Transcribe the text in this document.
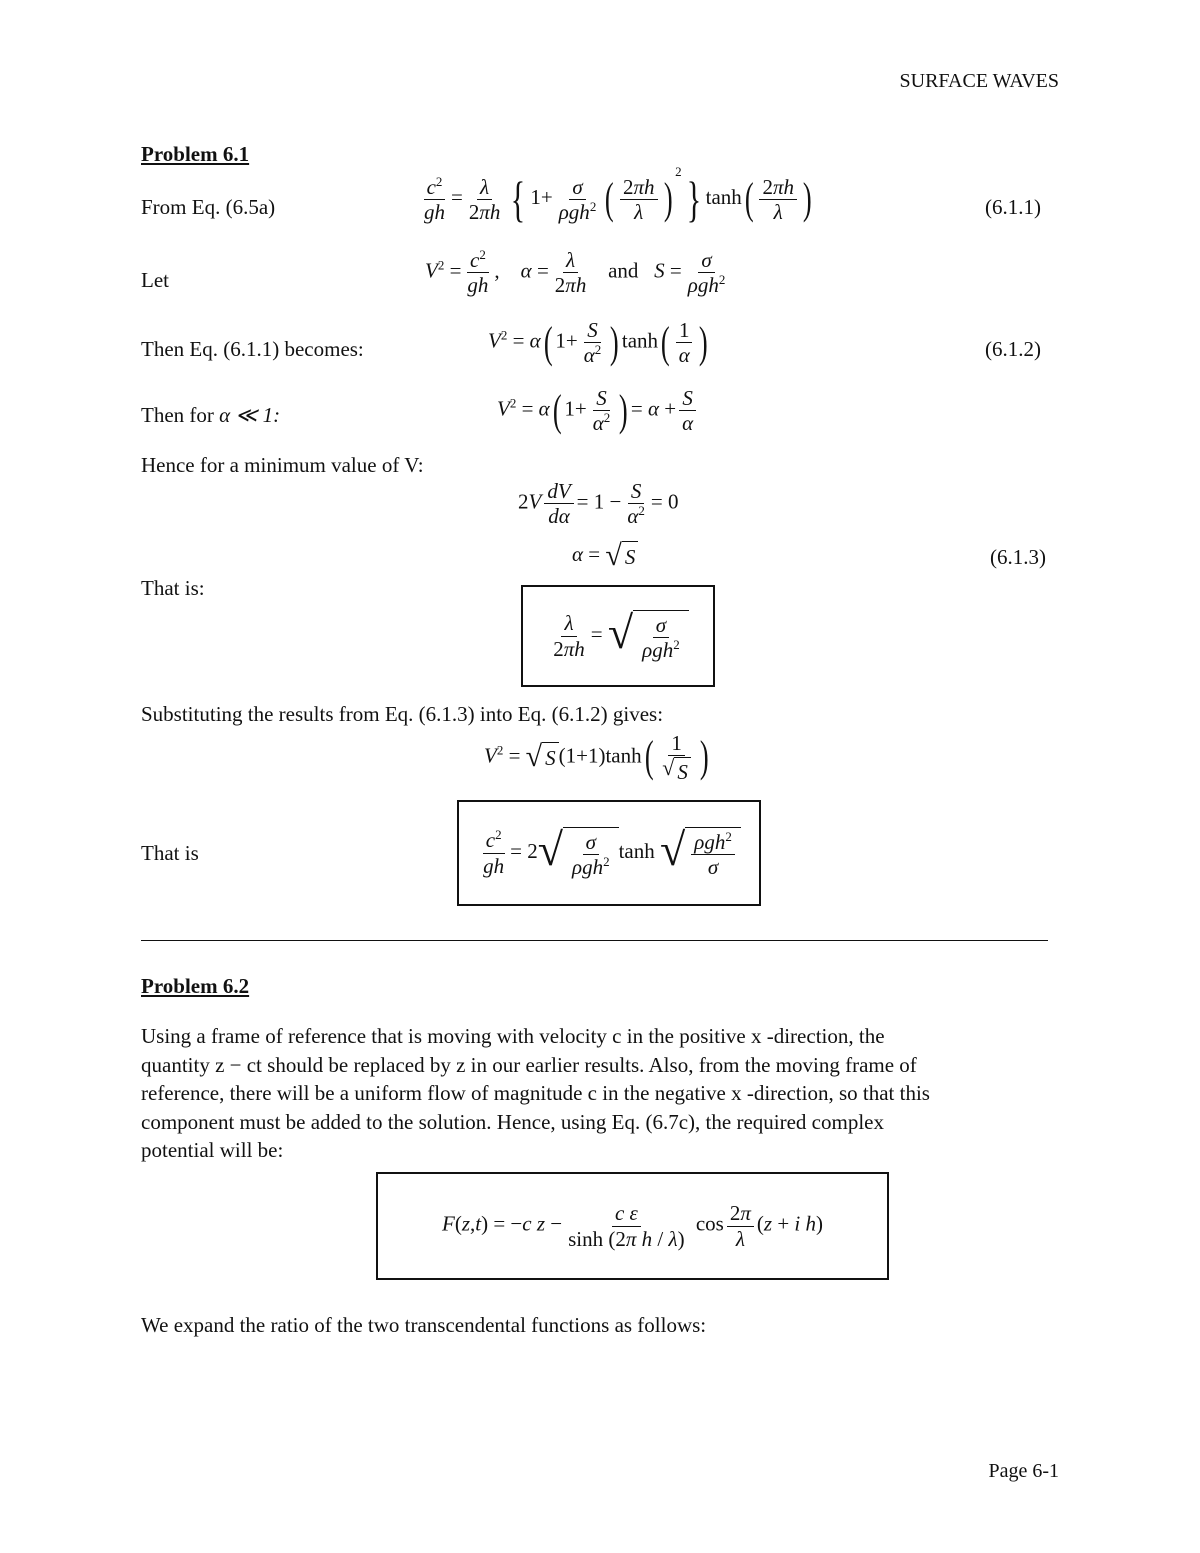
SURFACE WAVES
Problem 6.1
From Eq. (6.5a)	$\frac{c^2}{gh} = \frac{\lambda}{2\pi h}$ { $1+ \frac{\sigma}{\rho gh^2}$ ( $\frac{2\pi h}{\lambda} )^2$} $\tanh( \frac{2\pi h}{\lambda}$ )	(6.1.1)
Let	$V^2 = \frac{c^2}{gh}$ ,    $\alpha = \frac{\lambda}{2\pi h}$ and   $S = \frac{\sigma}{\rho gh^2}$
Then Eq. (6.1.1) becomes:	$V^2 = \alpha$( $1+ \frac{S}{\alpha^2}$ ) $\tanh( \frac{1}{\alpha}$ )	(6.1.2)
Then for α ≪ 1:	$V^2 = \alpha$( $1+ \frac{S}{\alpha^2}$ ) = $\alpha + \frac{S}{\alpha}$
Hence for a minimum value of V:
$2V \frac{dV}{d\alpha} = 1 - \frac{S}{\alpha^2} = 0$
α = √ S	(6.1.3)
That is:
$\frac{\lambda}{2\pi h}$ = √ $\frac{\sigma}{\rho gh^2}$
Substituting the results from Eq. (6.1.3) into Eq. (6.1.2) gives:
$V^2$ = √ S $(1+1)\tanh( \frac{1}{√ S}$ )
That is	$\frac{c^2}{gh} = 2$ √ $\frac{\sigma}{\rho gh^2}$ tanh √ $\frac{\rho gh^2}{\sigma}$
Problem 6.2
Using a frame of reference that is moving with velocity c in the positive x -direction, the
quantity z − ct should be replaced by z in our earlier results. Also, from the moving frame of
reference, there will be a uniform flow of magnitude c in the negative x -direction, so that this
component must be added to the solution. Hence, using Eq. (6.7c), the required complex
potential will be:
F(z,t) = −c $z - \frac{\text{c ε}}{\text{sinh (2π h / λ)}}$ $\cos \frac{2\pi}{\lambda} (z + i$ h)
We expand the ratio of the two transcendental functions as follows:
Page 6-1
